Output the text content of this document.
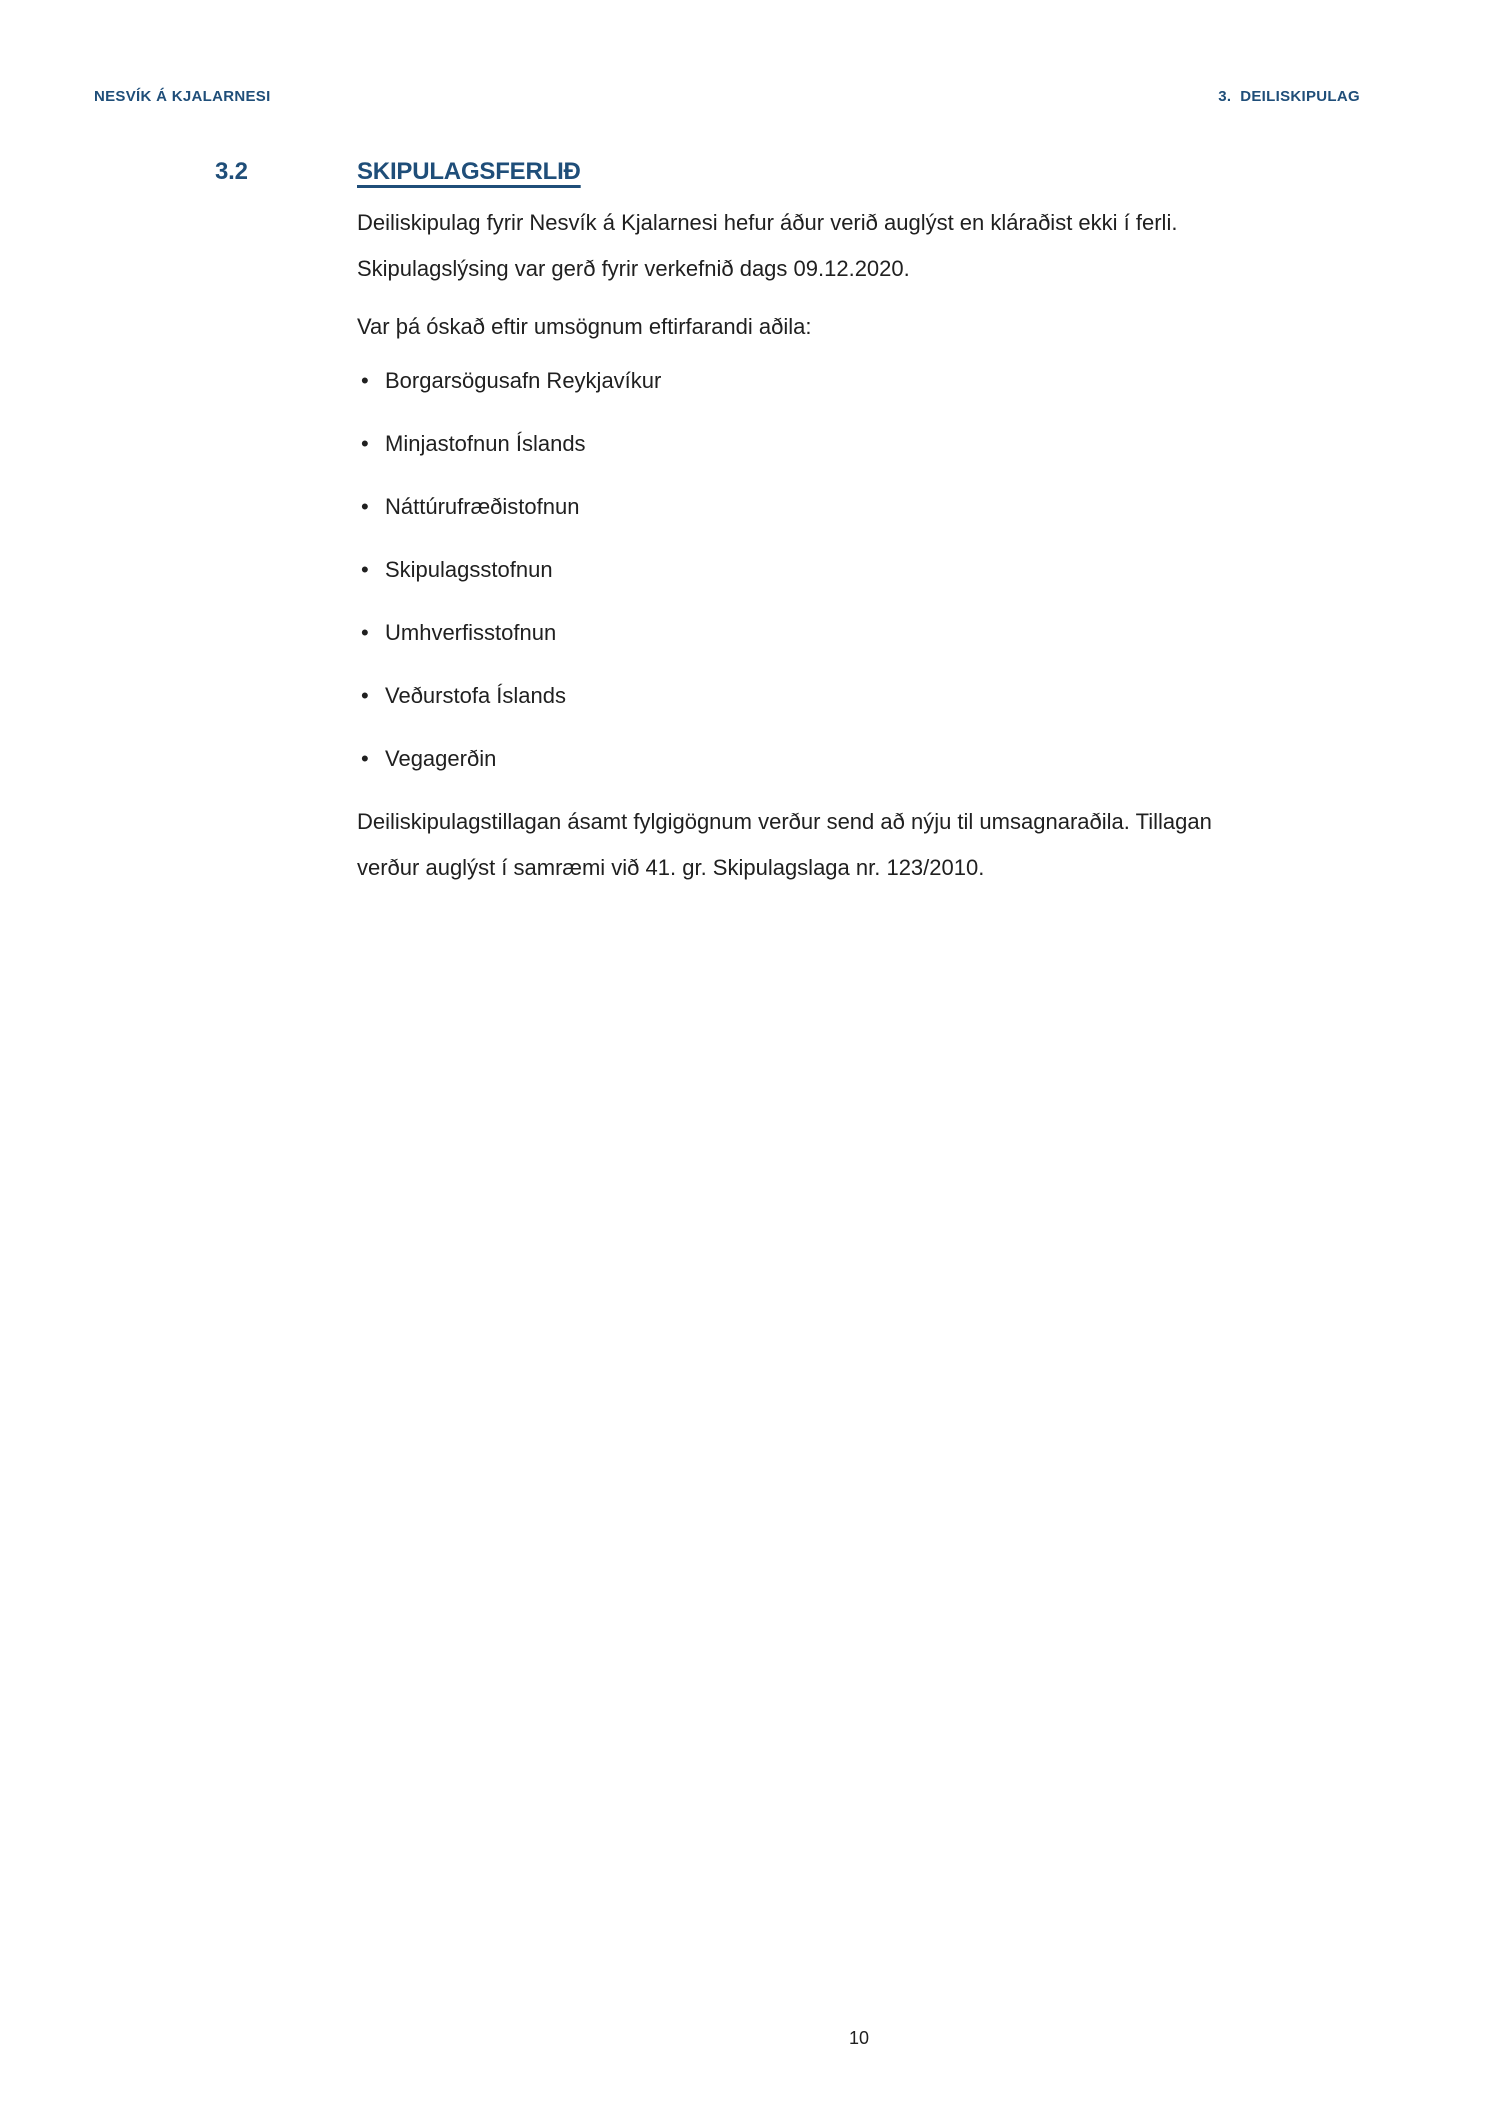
NESVÍK Á KJALARNESI	3.  DEILISKIPULAG
3.2	SKIPULAGSFERLIÐ

Deiliskipulag fyrir Nesvík á Kjalarnesi hefur áður verið auglýst en kláraðist ekki í ferli.
Skipulagslýsing var gerð fyrir verkefnið dags 09.12.2020.

Var þá óskað eftir umsögnum eftirfarandi aðila:

• Borgarsögusafn Reykjavíkur
• Minjastofnun Íslands
• Náttúrufræðistofnun
• Skipulagsstofnun
• Umhverfisstofnun
• Veðurstofa Íslands
• Vegagerðin

Deiliskipulagstillagan ásamt fylgigögnum verður send að nýju til umsagnaraðila. Tillagan
verður auglýst í samræmi við 41. gr. Skipulagslaga nr. 123/2010.

10
